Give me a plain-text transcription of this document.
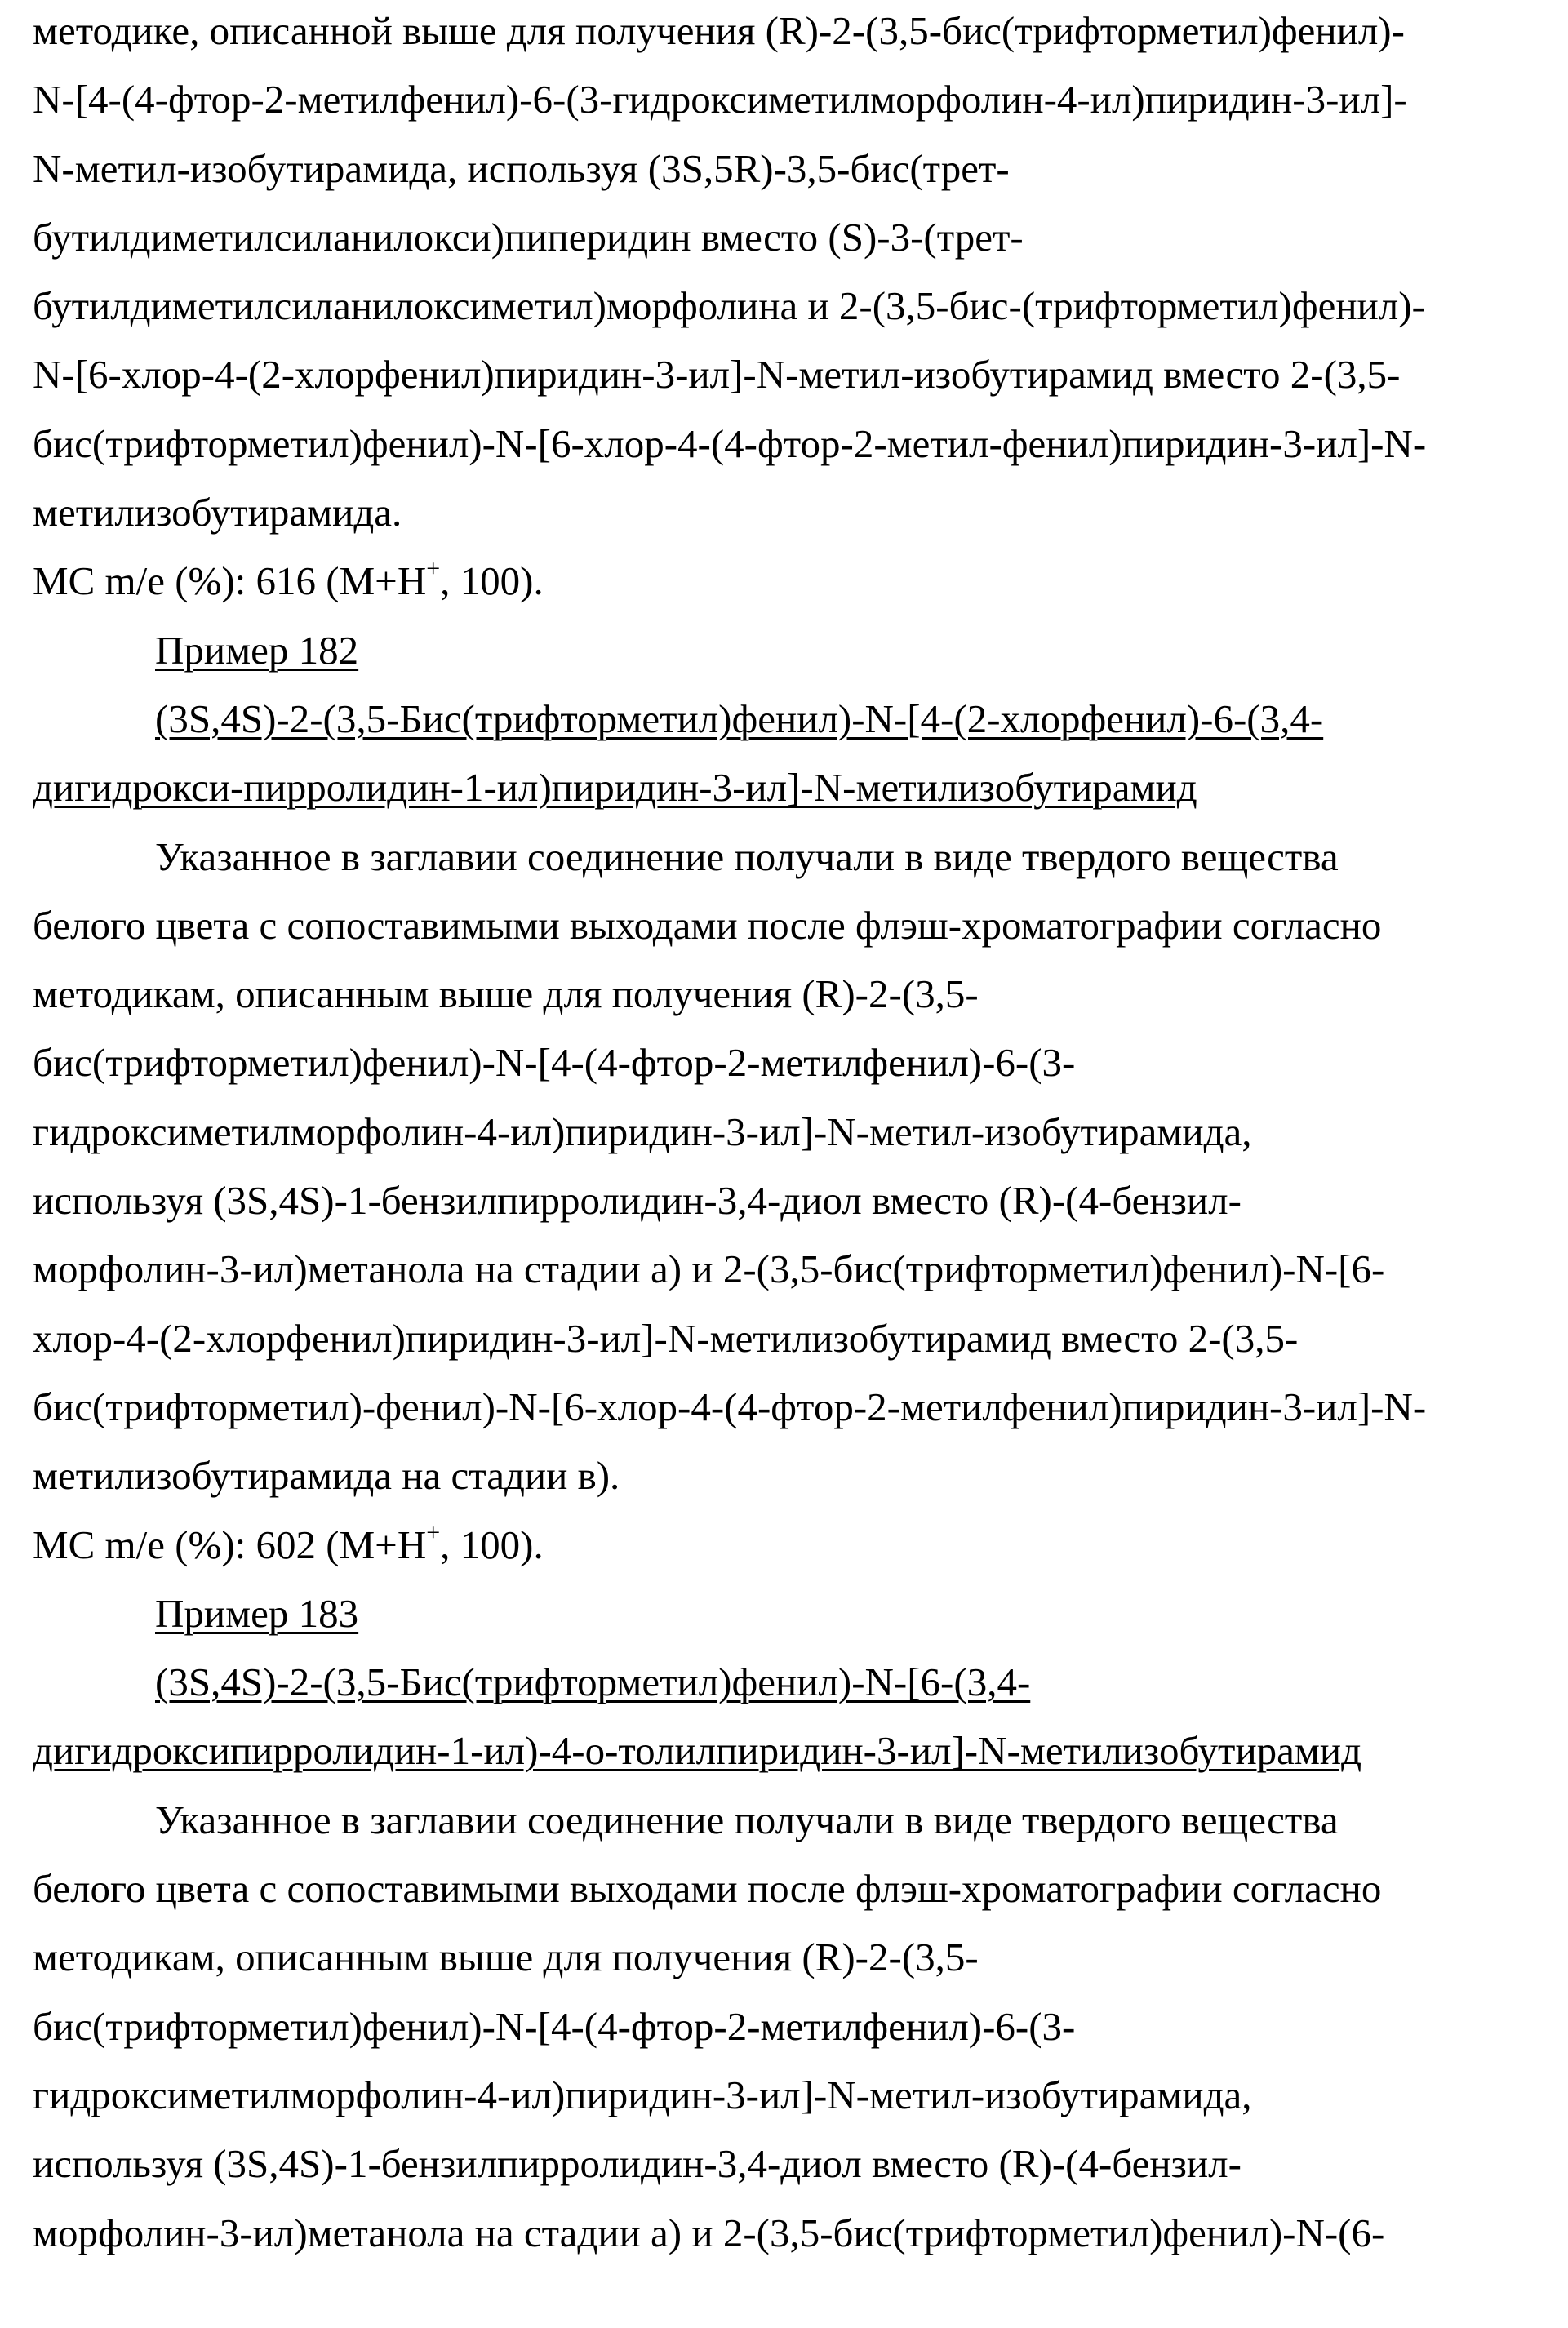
методике, описанной выше для получения (R)-2-(3,5-бис(трифторметил)фенил)-
N-[4-(4-фтор-2-метилфенил)-6-(3-гидроксиметилморфолин-4-ил)пиридин-3-ил]-
N-метил-изобутирамида, используя (3S,5R)-3,5-бис(трет-
бутилдиметилсиланилокси)пиперидин вместо (S)-3-(трет-
бутилдиметилсиланилоксиметил)морфолина и 2-(3,5-бис-(трифторметил)фенил)-
N-[6-хлор-4-(2-хлорфенил)пиридин-3-ил]-N-метил-изобутирамид вместо 2-(3,5-
бис(трифторметил)фенил)-N-[6-хлор-4-(4-фтор-2-метил-фенил)пиридин-3-ил]-N-
метилизобутирамида.
МС m/e (%): 616 (М+Н+, 100).
Пример 182
(3S,4S)-2-(3,5-Бис(трифторметил)фенил)-N-[4-(2-хлорфенил)-6-(3,4-
дигидрокси-пирролидин-1-ил)пиридин-3-ил]-N-метилизобутирамид
Указанное в заглавии соединение получали в виде твердого вещества
белого цвета с сопоставимыми выходами после флэш-хроматографии согласно
методикам, описанным выше для получения (R)-2-(3,5-
бис(трифторметил)фенил)-N-[4-(4-фтор-2-метилфенил)-6-(3-
гидроксиметилморфолин-4-ил)пиридин-3-ил]-N-метил-изобутирамида,
используя (3S,4S)-1-бензилпирролидин-3,4-диол вместо (R)-(4-бензил-
морфолин-3-ил)метанола на стадии а) и 2-(3,5-бис(трифторметил)фенил)-N-[6-
хлор-4-(2-хлорфенил)пиридин-3-ил]-N-метилизобутирамид вместо 2-(3,5-
бис(трифторметил)-фенил)-N-[6-хлор-4-(4-фтор-2-метилфенил)пиридин-3-ил]-N-
метилизобутирамида на стадии в).
МС m/e (%): 602 (М+Н+, 100).
Пример 183
(3S,4S)-2-(3,5-Бис(трифторметил)фенил)-N-[6-(3,4-
дигидроксипирролидин-1-ил)-4-о-толилпиридин-3-ил]-N-метилизобутирамид
Указанное в заглавии соединение получали в виде твердого вещества
белого цвета с сопоставимыми выходами после флэш-хроматографии согласно
методикам, описанным выше для получения (R)-2-(3,5-
бис(трифторметил)фенил)-N-[4-(4-фтор-2-метилфенил)-6-(3-
гидроксиметилморфолин-4-ил)пиридин-3-ил]-N-метил-изобутирамида,
используя (3S,4S)-1-бензилпирролидин-3,4-диол вместо (R)-(4-бензил-
морфолин-3-ил)метанола на стадии а) и 2-(3,5-бис(трифторметил)фенил)-N-(6-
